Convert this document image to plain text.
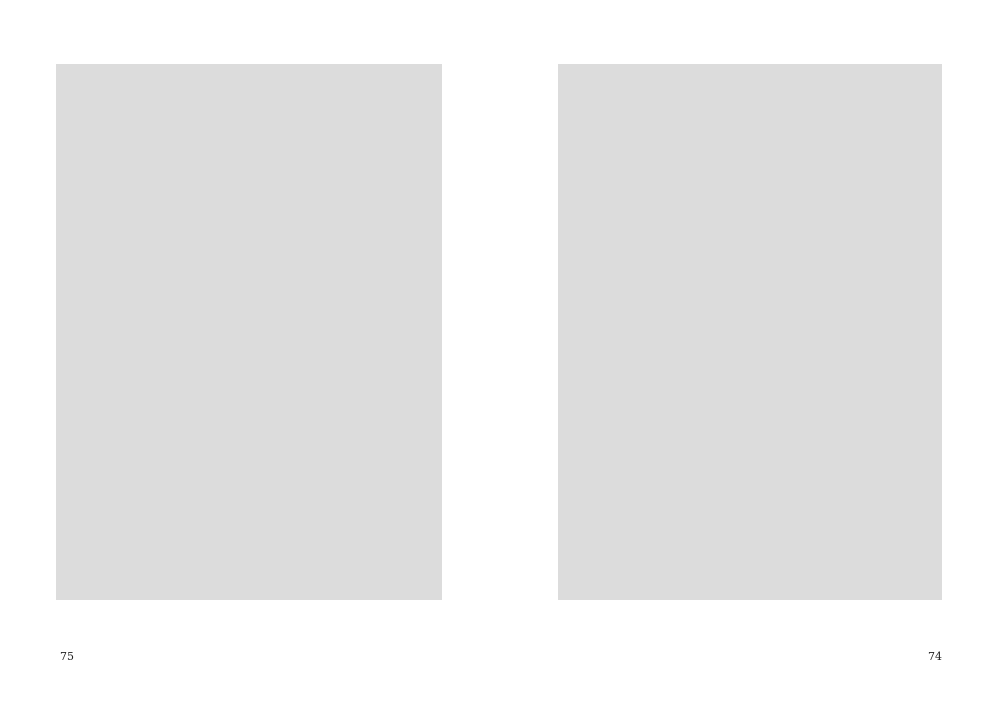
75	74
